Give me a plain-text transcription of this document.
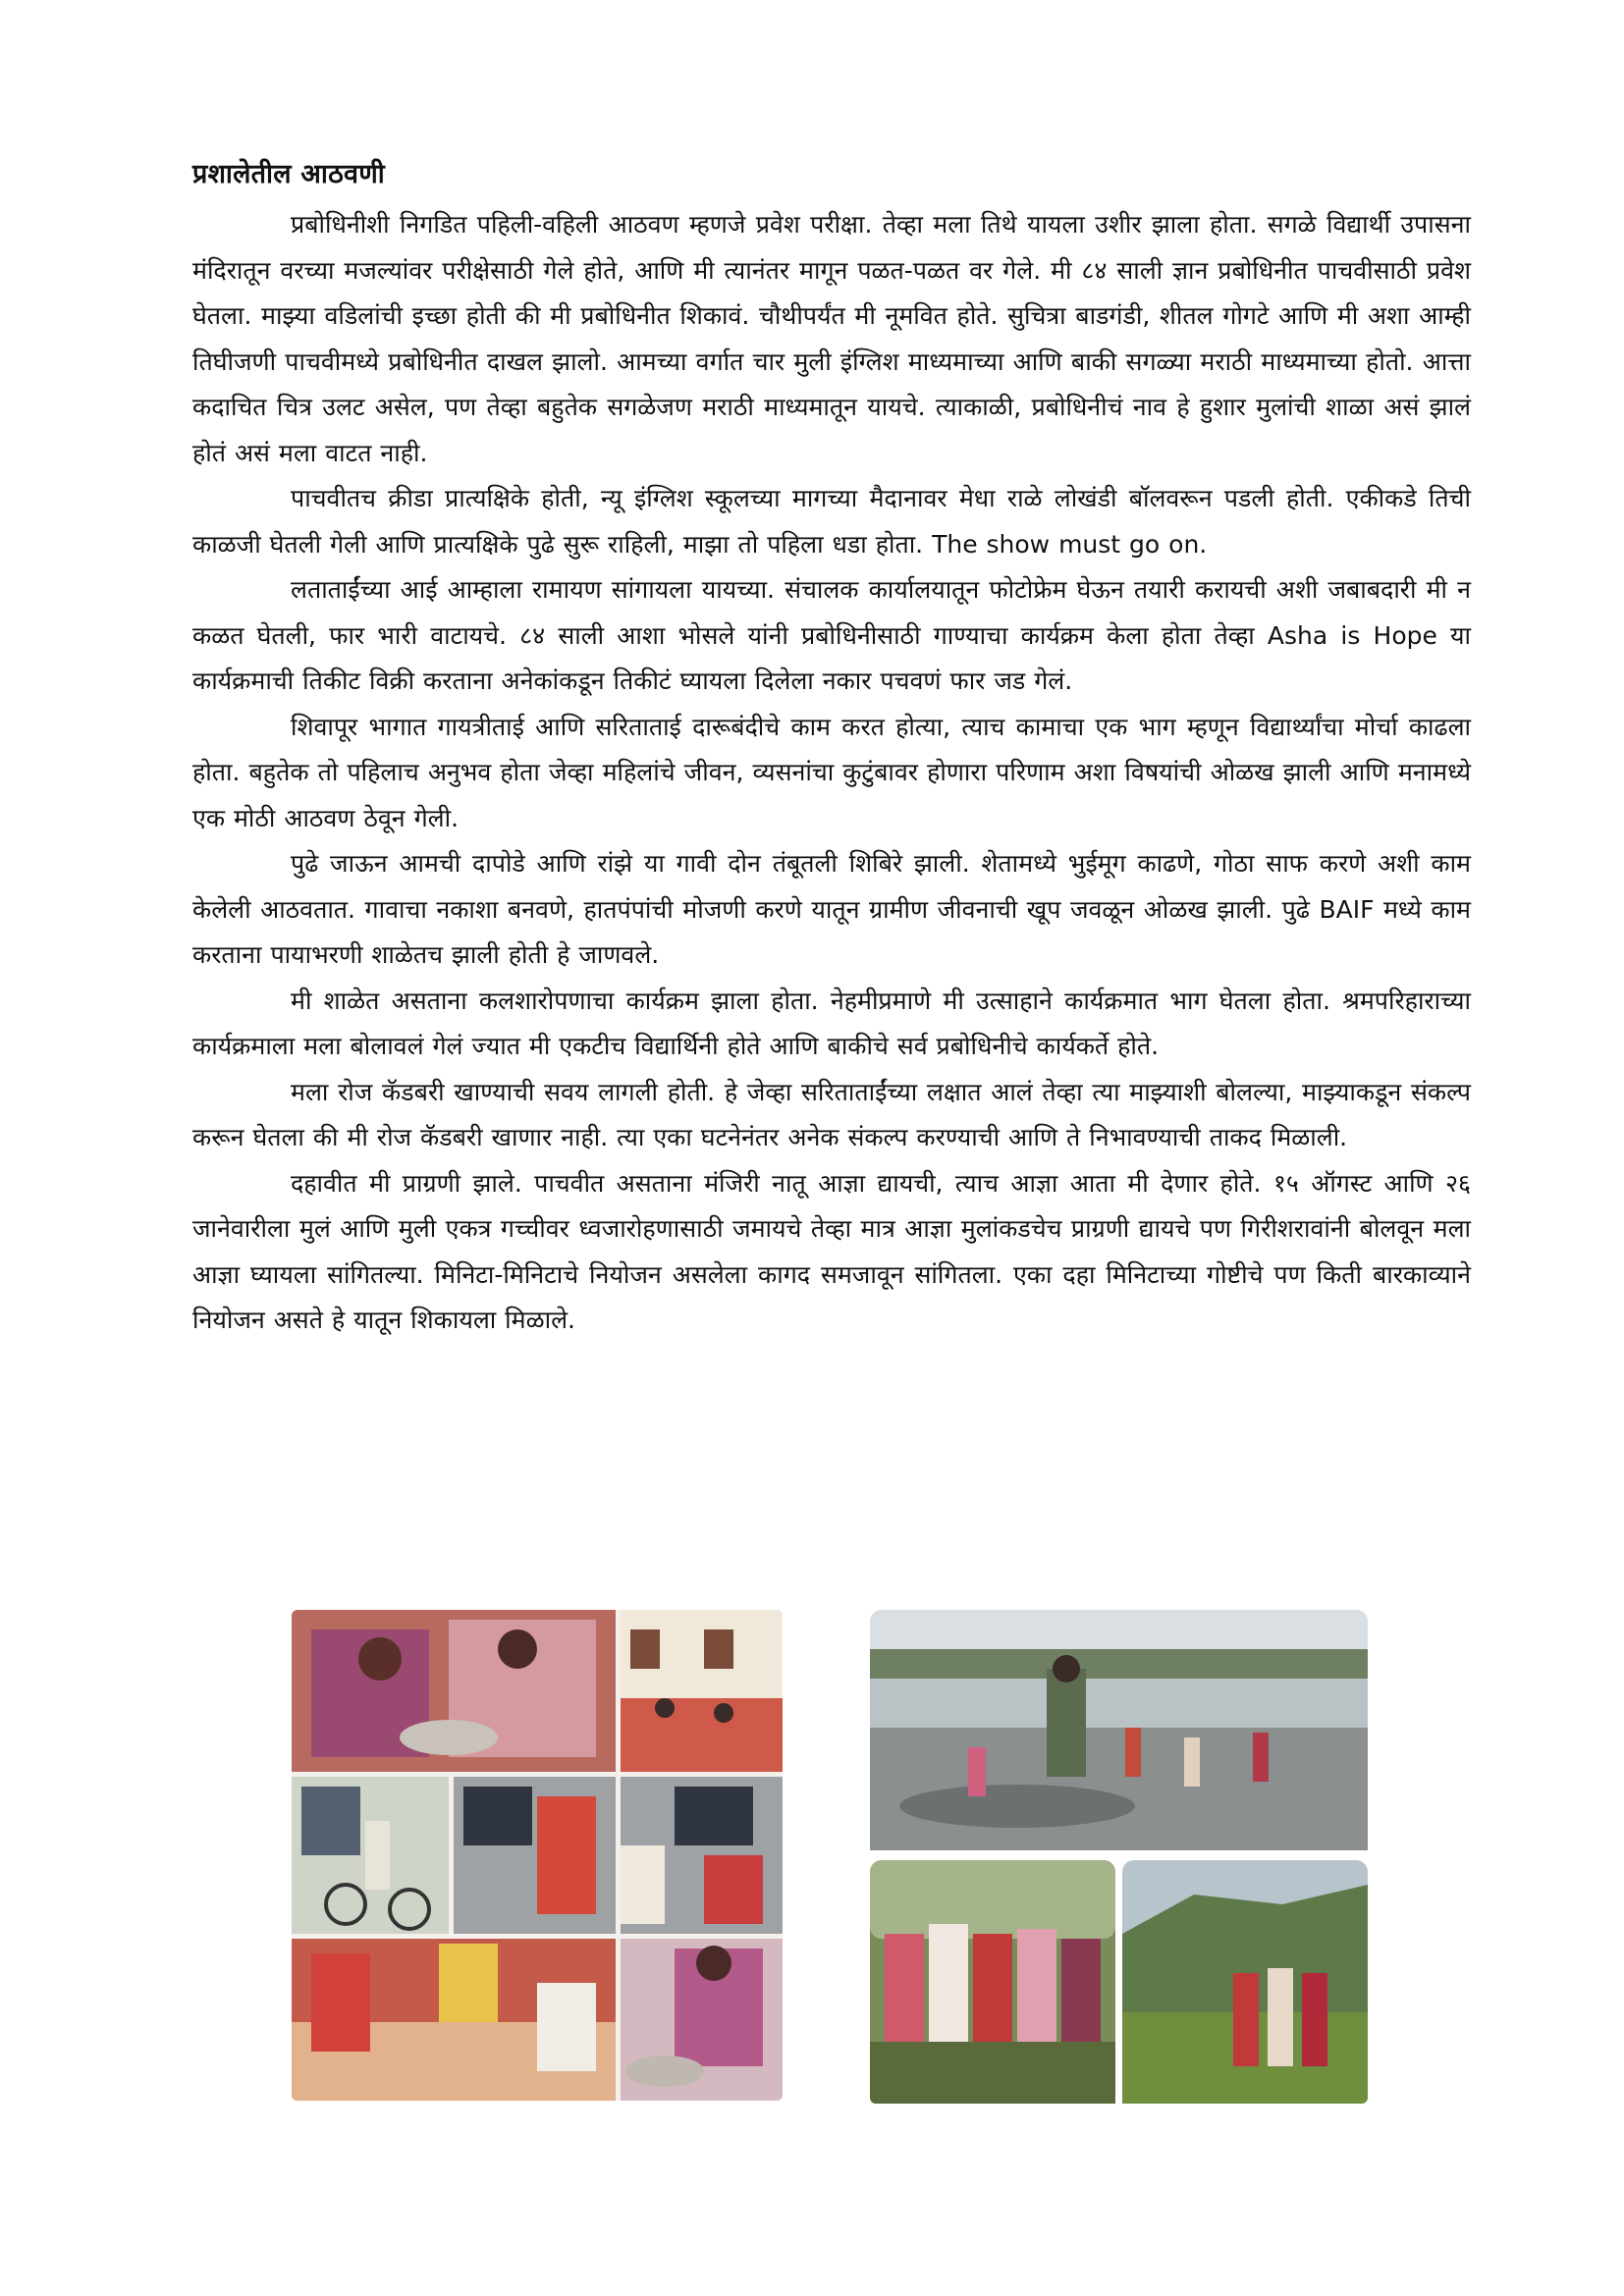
प्रशालेतील आठवणी

प्रबोधिनीशी निगडित पहिली-वहिली आठवण म्हणजे प्रवेश परीक्षा. तेव्हा मला तिथे यायला उशीर झाला होता. सगळे विद्यार्थी उपासना मंदिरातून वरच्या मजल्यांवर परीक्षेसाठी गेले होते, आणि मी त्यानंतर मागून पळत-पळत वर गेले. मी ८४ साली ज्ञान प्रबोधिनीत पाचवीसाठी प्रवेश घेतला. माझ्या वडिलांची इच्छा होती की मी प्रबोधिनीत शिकावं. चौथीपर्यंत मी नूमवित होते. सुचित्रा बाडगंडी, शीतल गोगटे आणि मी अशा आम्ही तिघीजणी पाचवीमध्ये प्रबोधिनीत दाखल झालो. आमच्या वर्गात चार मुली इंग्लिश माध्यमाच्या आणि बाकी सगळ्या मराठी माध्यमाच्या होतो. आत्ता कदाचित चित्र उलट असेल, पण तेव्हा बहुतेक सगळेजण मराठी माध्यमातून यायचे. त्याकाळी, प्रबोधिनीचं नाव हे हुशार मुलांची शाळा असं झालं होतं असं मला वाटत नाही.

पाचवीतच क्रीडा प्रात्यक्षिके होती, न्यू इंग्लिश स्कूलच्या मागच्या मैदानावर मेधा राळे लोखंडी बॉलवरून पडली होती. एकीकडे तिची काळजी घेतली गेली आणि प्रात्यक्षिके पुढे सुरू राहिली, माझा तो पहिला धडा होता. The show must go on.

लताताईंच्या आई आम्हाला रामायण सांगायला यायच्या. संचालक कार्यालयातून फोटोफ्रेम घेऊन तयारी करायची अशी जबाबदारी मी न कळत घेतली, फार भारी वाटायचे. ८४ साली आशा भोसले यांनी प्रबोधिनीसाठी गाण्याचा कार्यक्रम केला होता तेव्हा Asha is Hope या कार्यक्रमाची तिकीट विक्री करताना अनेकांकडून तिकीटं घ्यायला दिलेला नकार पचवणं फार जड गेलं.

शिवापूर भागात गायत्रीताई आणि सरिताताई दारूबंदीचे काम करत होत्या, त्याच कामाचा एक भाग म्हणून विद्यार्थ्यांचा मोर्चा काढला होता. बहुतेक तो पहिलाच अनुभव होता जेव्हा महिलांचे जीवन, व्यसनांचा कुटुंबावर होणारा परिणाम अशा विषयांची ओळख झाली आणि मनामध्ये एक मोठी आठवण ठेवून गेली.

पुढे जाऊन आमची दापोडे आणि रांझे या गावी दोन तंबूतली शिबिरे झाली. शेतामध्ये भुईमूग काढणे, गोठा साफ करणे अशी काम केलेली आठवतात. गावाचा नकाशा बनवणे, हातपंपांची मोजणी करणे यातून ग्रामीण जीवनाची खूप जवळून ओळख झाली. पुढे BAIF मध्ये काम करताना पायाभरणी शाळेतच झाली होती हे जाणवले.

मी शाळेत असताना कलशारोपणाचा कार्यक्रम झाला होता. नेहमीप्रमाणे मी उत्साहाने कार्यक्रमात भाग घेतला होता. श्रमपरिहाराच्या कार्यक्रमाला मला बोलावलं गेलं ज्यात मी एकटीच विद्यार्थिनी होते आणि बाकीचे सर्व प्रबोधिनीचे कार्यकर्ते होते.

मला रोज कॅडबरी खाण्याची सवय लागली होती. हे जेव्हा सरिताताईंच्या लक्षात आलं तेव्हा त्या माझ्याशी बोलल्या, माझ्याकडून संकल्प करून घेतला की मी रोज कॅडबरी खाणार नाही. त्या एका घटनेनंतर अनेक संकल्प करण्याची आणि ते निभावण्याची ताकद मिळाली.

दहावीत मी प्राग्रणी झाले. पाचवीत असताना मंजिरी नातू आज्ञा द्यायची, त्याच आज्ञा आता मी देणार होते. १५ ऑगस्ट आणि २६ जानेवारीला मुलं आणि मुली एकत्र गच्चीवर ध्वजारोहणासाठी जमायचे तेव्हा मात्र आज्ञा मुलांकडचेच प्राग्रणी द्यायचे पण गिरीशरावांनी बोलवून मला आज्ञा घ्यायला सांगितल्या. मिनिटा-मिनिटाचे नियोजन असलेला कागद समजावून सांगितला. एका दहा मिनिटाच्या गोष्टीचे पण किती बारकाव्याने नियोजन असते हे यातून शिकायला मिळाले.
